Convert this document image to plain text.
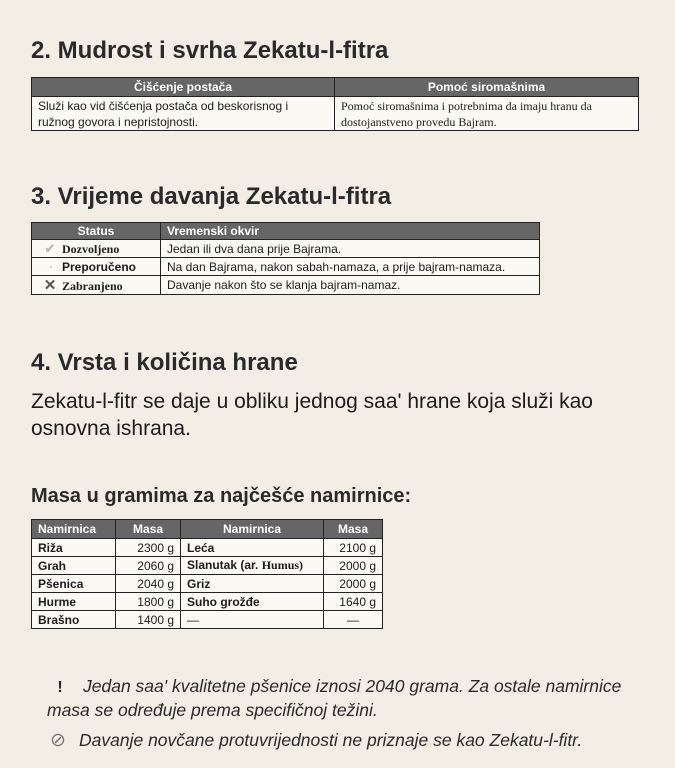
2. Mudrost i svrha Zekatu-l-fitra
Čišćenje postača	Pomoć siromašnima
Služi kao vid čišćenja postača od beskorisnog i ružnog govora i nepristojnosti.	Pomoć siromašnima i potrebnima da imaju hranu da dostojanstveno provedu Bajram.
3. Vrijeme davanja Zekatu-l-fitra
Status	Vremenski okvir
✔ Dozvoljeno	Jedan ili dva dana prije Bajrama.
◔ Preporučeno	Na dan Bajrama, nakon sabah-namaza, a prije bajram-namaza.
✕ Zabranjeno	Davanje nakon što se klanja bajram-namaz.
4. Vrsta i količina hrane

Zekatu-l-fitr se daje u obliku jednog saa' hrane koja služi kao osnovna ishrana.

Masa u gramima za najčešće namirnice:
Namirnica	Masa	Namirnica	Masa
Riža	2300 g	Leća	2100 g
Grah	2060 g	Slanutak (ar. Humus)	2000 g
Pšenica	2040 g	Griz	2000 g
Hurme	1800 g	Suho grožđe	1640 g
Brašno	1400 g	—	—

! Jedan saa' kvalitetne pšenice iznosi 2040 grama. Za ostale namirnice masa se određuje prema specifičnoj težini.

⊘ Davanje novčane protuvrijednosti ne priznaje se kao Zekatu-l-fitr.
